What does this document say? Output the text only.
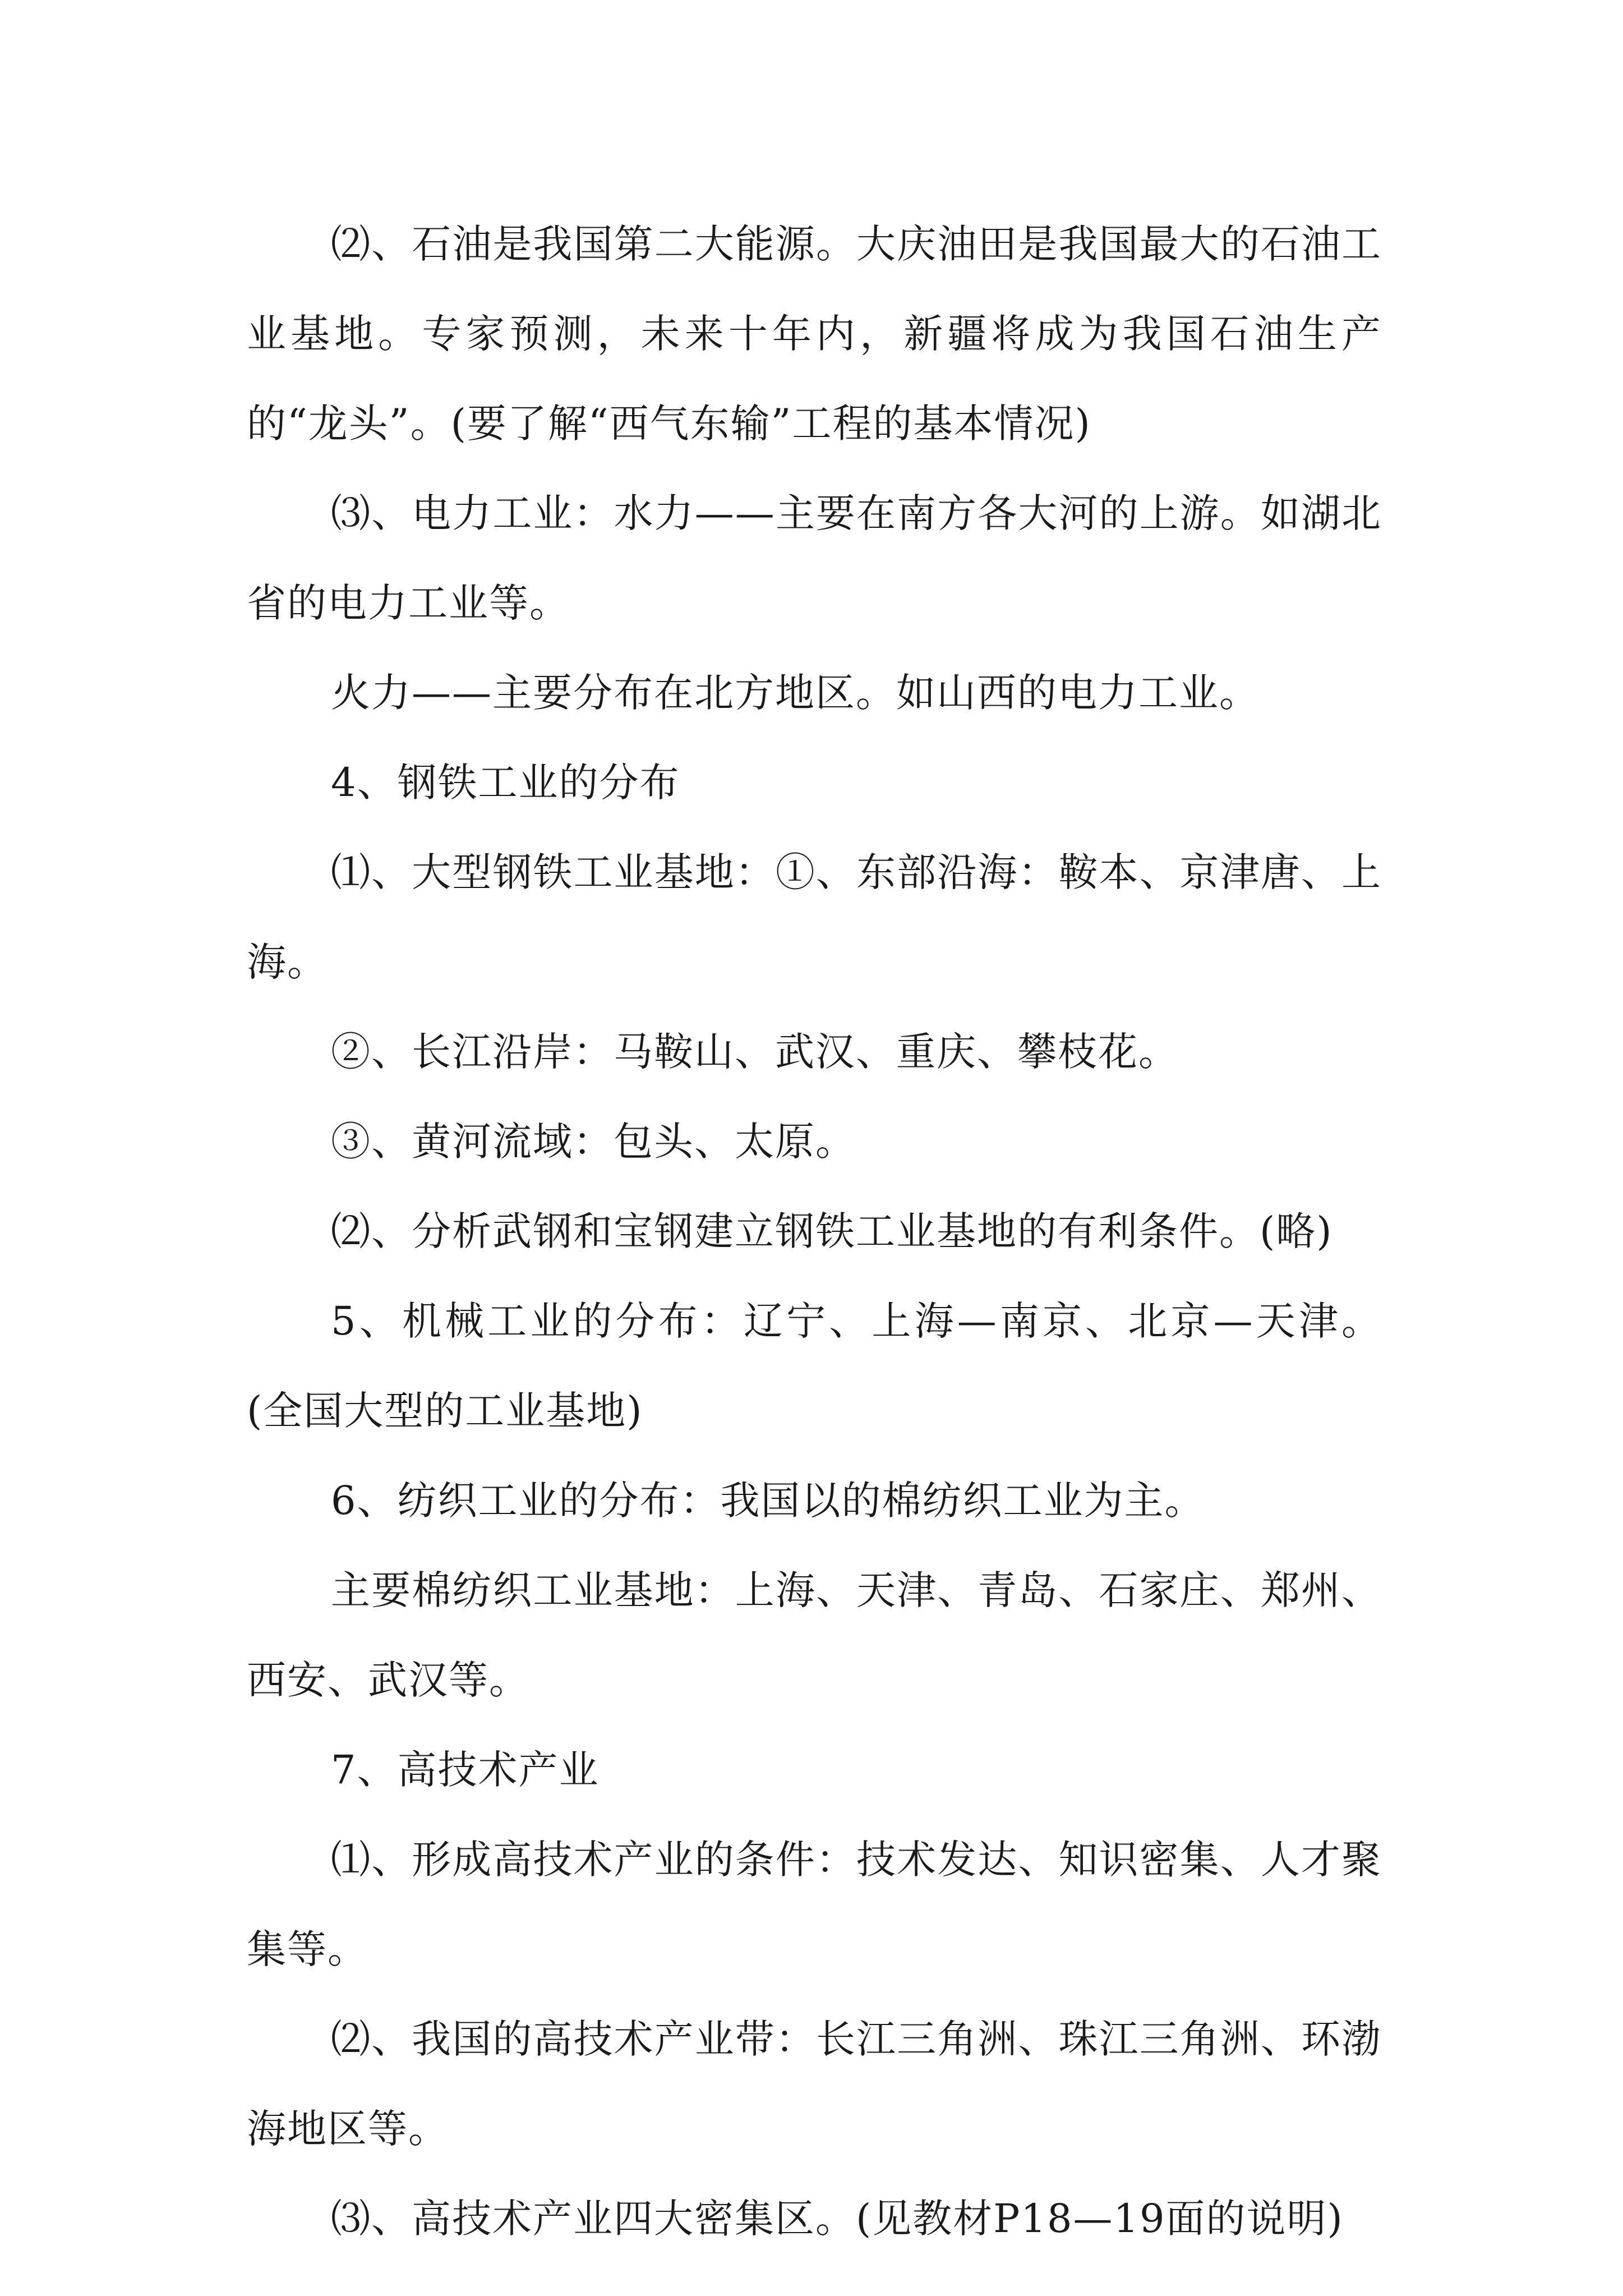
⑵、石油是我国第二大能源。大庆油田是我国最大的石油工业基地。专家预测，未来十年内，新疆将成为我国石油生产的“龙头”。(要了解“西气东输”工程的基本情况)

⑶、电力工业：水力——主要在南方各大河的上游。如湖北省的电力工业等。

火力——主要分布在北方地区。如山西的电力工业。

4、钢铁工业的分布

⑴、大型钢铁工业基地：①、东部沿海：鞍本、京津唐、上海。

②、长江沿岸：马鞍山、武汉、重庆、攀枝花。

③、黄河流域：包头、太原。

⑵、分析武钢和宝钢建立钢铁工业基地的有利条件。(略)

5、机械工业的分布：辽宁、上海—南京、北京—天津。(全国大型的工业基地)

6、纺织工业的分布：我国以的棉纺织工业为主。

主要棉纺织工业基地：上海、天津、青岛、石家庄、郑州、西安、武汉等。

7、高技术产业

⑴、形成高技术产业的条件：技术发达、知识密集、人才聚集等。

⑵、我国的高技术产业带：长江三角洲、珠江三角洲、环渤海地区等。

⑶、高技术产业四大密集区。(见教材P18—19面的说明)
